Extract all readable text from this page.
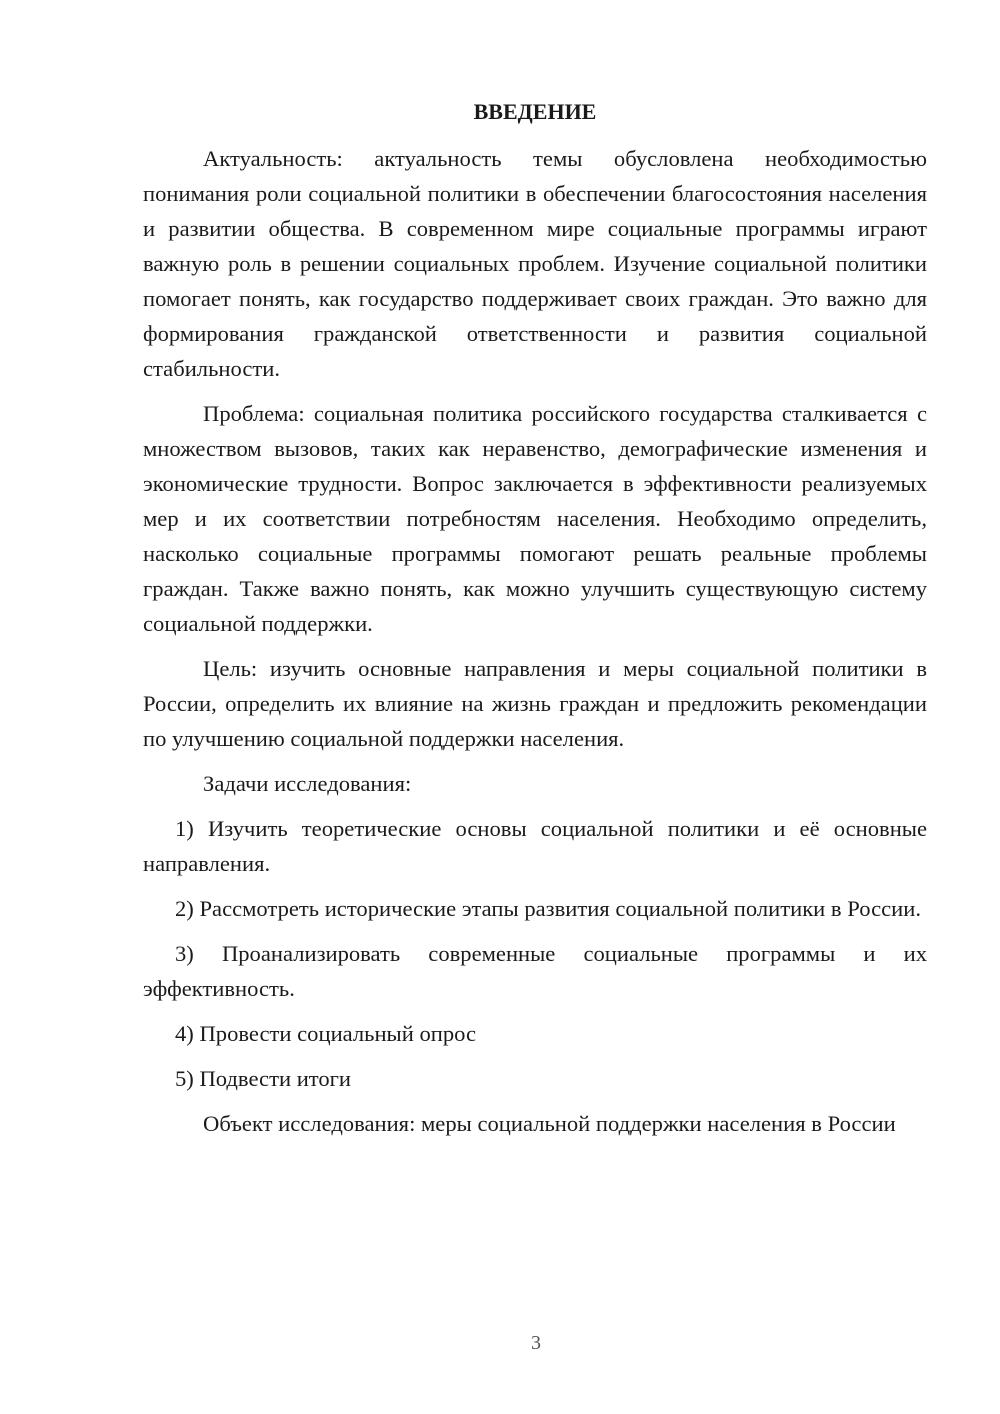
ВВЕДЕНИЕ

Актуальность: актуальность темы обусловлена необходимостью понимания роли социальной политики в обеспечении благосостояния населения и развитии общества. В современном мире социальные программы играют важную роль в решении социальных проблем. Изучение социальной политики помогает понять, как государство поддерживает своих граждан. Это важно для формирования гражданской ответственности и развития социальной стабильности.

Проблема: социальная политика российского государства сталкивается с множеством вызовов, таких как неравенство, демографические изменения и экономические трудности. Вопрос заключается в эффективности реализуемых мер и их соответствии потребностям населения. Необходимо определить, насколько социальные программы помогают решать реальные проблемы граждан. Также важно понять, как можно улучшить существующую систему социальной поддержки.

Цель: изучить основные направления и меры социальной политики в России, определить их влияние на жизнь граждан и предложить рекомендации по улучшению социальной поддержки населения.

Задачи исследования:

1) Изучить теоретические основы социальной политики и её основные направления.
2) Рассмотреть исторические этапы развития социальной политики в России.
3) Проанализировать современные социальные программы и их эффективность.
4) Провести социальный опрос
5) Подвести итоги

Объект исследования: меры социальной поддержки населения в России

3
